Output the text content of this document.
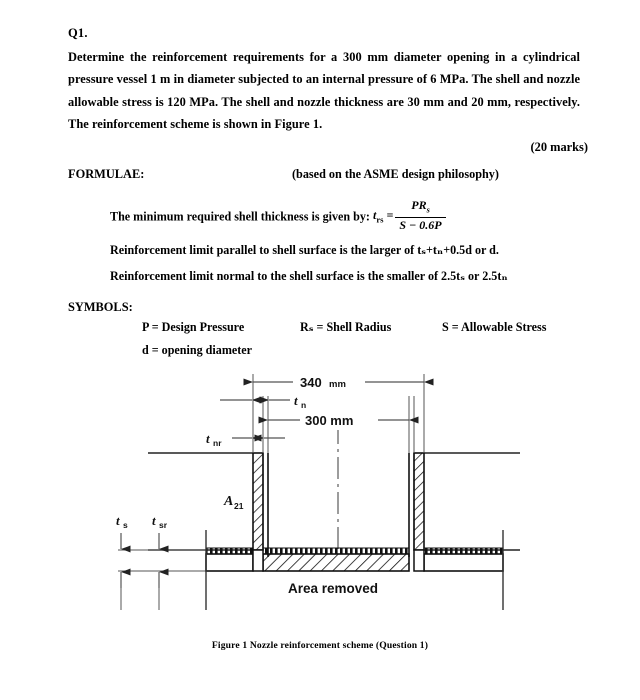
Q1.
Determine the reinforcement requirements for a 300 mm diameter opening in a cylindrical pressure vessel 1 m in diameter subjected to an internal pressure of 6 MPa. The shell and nozzle allowable stress is 120 MPa. The shell and nozzle thickness are 30 mm and 20 mm, respectively. The reinforcement scheme is shown in Figure 1.
(20 marks)
FORMULAE:	(based on the ASME design philosophy)
The minimum required shell thickness is given by: $t_{rs} = \frac{PR_s}{S - 0.6P}$
Reinforcement limit parallel to shell surface is the larger of tₛ+tₙ+0.5d or d.
Reinforcement limit normal to the shell surface is the smaller of 2.5tₛ or 2.5tₙ
SYMBOLS:
P = Design Pressure	Rₛ = Shell Radius	S = Allowable Stress
d = opening diameter
340 mm
300 mm
t n
t nr
A 21
t s t sr
Area removed
Figure 1 Nozzle reinforcement scheme (Question 1)
